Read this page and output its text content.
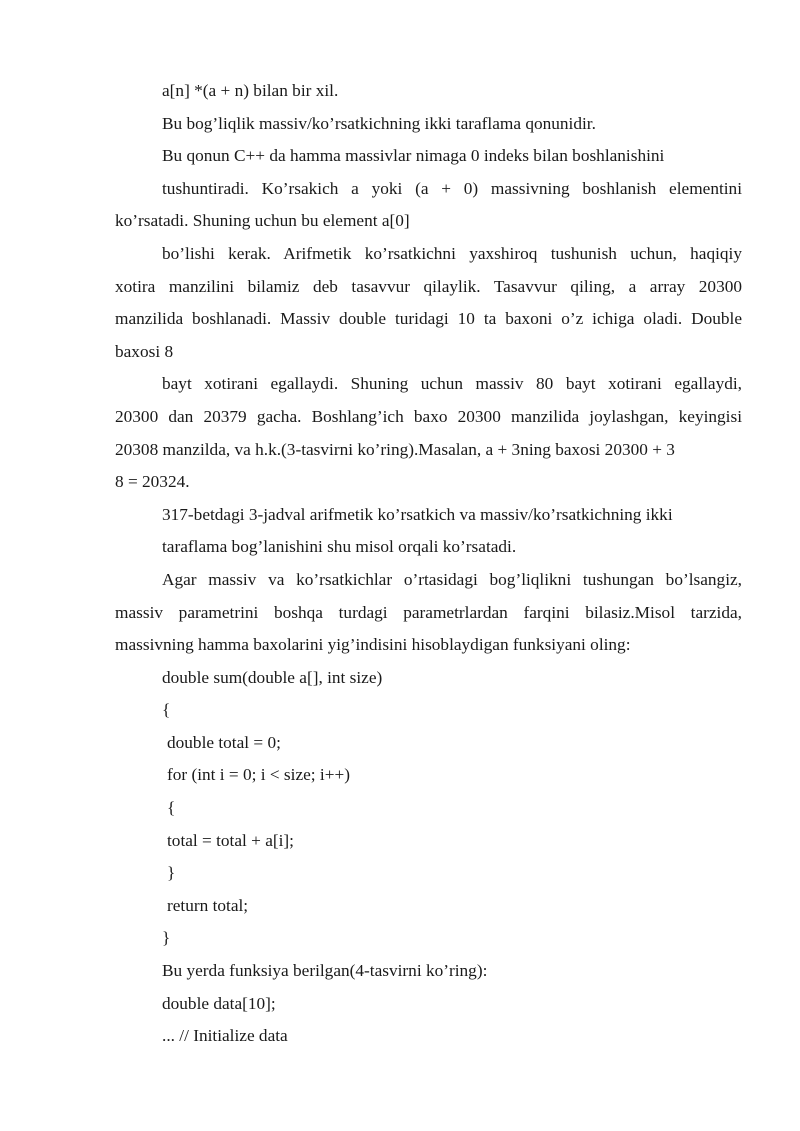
a[n] *(a + n) bilan bir xil.
Bu bog’liqlik massiv/ko’rsatkichning ikki taraflama qonunidir.
Bu qonun C++ da hamma massivlar nimaga 0 indeks bilan boshlanishini
tushuntiradi. Ko’rsakich a yoki (a + 0) massivning boshlanish elementini
ko’rsatadi. Shuning uchun bu element a[0]
bo’lishi kerak. Arifmetik ko’rsatkichni yaxshiroq tushunish uchun, haqiqiy
xotira manzilini bilamiz deb tasavvur qilaylik. Tasavvur qiling, a array 20300
manzilida boshlanadi. Massiv double turidagi 10 ta baxoni o’z ichiga oladi. Double
baxosi 8
bayt xotirani egallaydi. Shuning uchun massiv 80 bayt xotirani egallaydi,
20300 dan 20379 gacha. Boshlang’ich baxo 20300 manzilida joylashgan, keyingisi
20308 manzilda, va h.k.(3-tasvirni ko’ring).Masalan, a + 3ning baxosi 20300 + 3
8 = 20324.
317-betdagi 3-jadval arifmetik ko’rsatkich va massiv/ko’rsatkichning ikki
taraflama bog’lanishini shu misol orqali ko’rsatadi.
Agar massiv va ko’rsatkichlar o’rtasidagi bog’liqlikni tushungan bo’lsangiz,
massiv parametrini boshqa turdagi parametrlardan farqini bilasiz.Misol tarzida,
massivning hamma baxolarini yig’indisini hisoblaydigan funksiyani oling:
double sum(double a[], int size)
{
double total = 0;
for (int i = 0; i < size; i++)
{
total = total + a[i];
}
return total;
}
Bu yerda funksiya berilgan(4-tasvirni ko’ring):
double data[10];
... // Initialize data
